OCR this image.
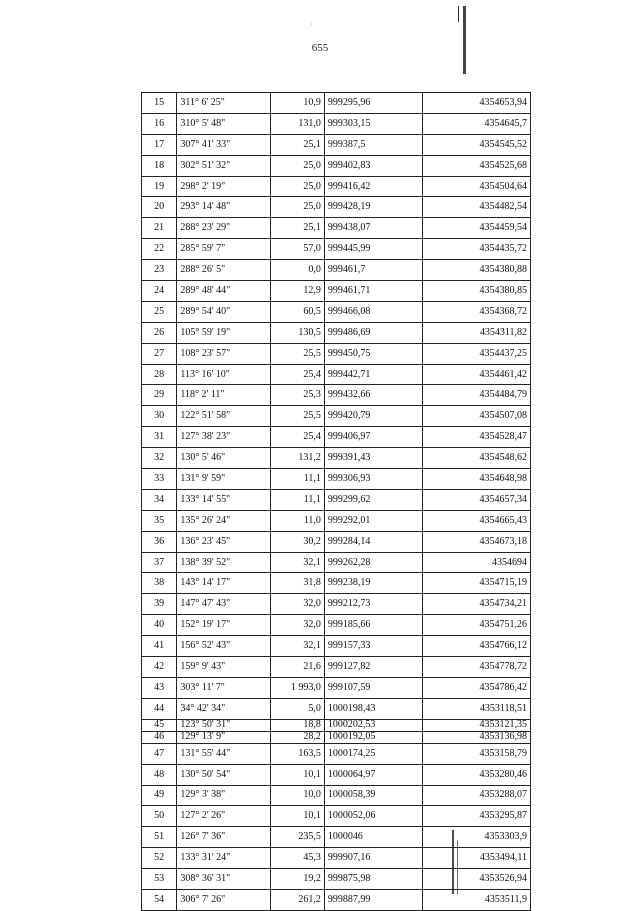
·
655
15	311° 6' 25"	10,9	999295,96	4354653,94
16	310° 5' 48"	131,0	999303,15	4354645,7
17	307° 41' 33"	25,1	999387,5	4354545,52
18	302° 51' 32"	25,0	999402,83	4354525,68
19	298° 2' 19"	25,0	999416,42	4354504,64
20	293° 14' 48"	25,0	999428,19	4354482,54
21	288° 23' 29"	25,1	999438,07	4354459,54
22	285° 59' 7"	57,0	999445,99	4354435,72
23	288° 26' 5"	0,0	999461,7	4354380,88
24	289° 48' 44"	12,9	999461,71	4354380,85
25	289° 54' 40"	60,5	999466,08	4354368,72
26	105° 59' 19"	130,5	999486,69	4354311,82
27	108° 23' 57"	25,5	999450,75	4354437,25
28	113° 16' 10"	25,4	999442,71	4354461,42
29	118° 2' 11"	25,3	999432,66	4354484,79
30	122° 51' 58"	25,5	999420,79	4354507,08
31	127° 38' 23"	25,4	999406,97	4354528,47
32	130° 5' 46"	131,2	999391,43	4354548,62
33	131° 9' 59"	11,1	999306,93	4354648,98
34	133° 14' 55"	11,1	999299,62	4354657,34
35	135° 26' 24"	11,0	999292,01	4354665,43
36	136° 23' 45"	30,2	999284,14	4354673,18
37	138° 39' 52"	32,1	999262,28	4354694
38	143° 14' 17"	31,8	999238,19	4354715,19
39	147° 47' 43"	32,0	999212,73	4354734,21
40	152° 19' 17"	32,0	999185,66	4354751,26
41	156° 52' 43"	32,1	999157,33	4354766,12
42	159° 9' 43"	21,6	999127,82	4354778,72
43	303° 11' 7"	1 993,0	999107,59	4354786,42
44	34° 42' 34"	5,0	1000198,43	4353118,51
45	123° 50' 31"	18,8	1000202,53	4353121,35
46	129° 13' 9"	28,2	1000192,05	4353136,98
47	131° 55' 44"	163,5	1000174,25	4353158,79
48	130° 50' 54"	10,1	1000064,97	4353280,46
49	129° 3' 38"	10,0	1000058,39	4353288,07
50	127° 2' 26"	10,1	1000052,06	4353295,87
51	126° 7' 36"	235,5	1000046	4353303,9
52	133° 31' 24"	45,3	999907,16	4353494,11
53	308° 36' 31"	19,2	999875,98	4353526,94
54	306° 7' 26"	261,2	999887,99	4353511,9
